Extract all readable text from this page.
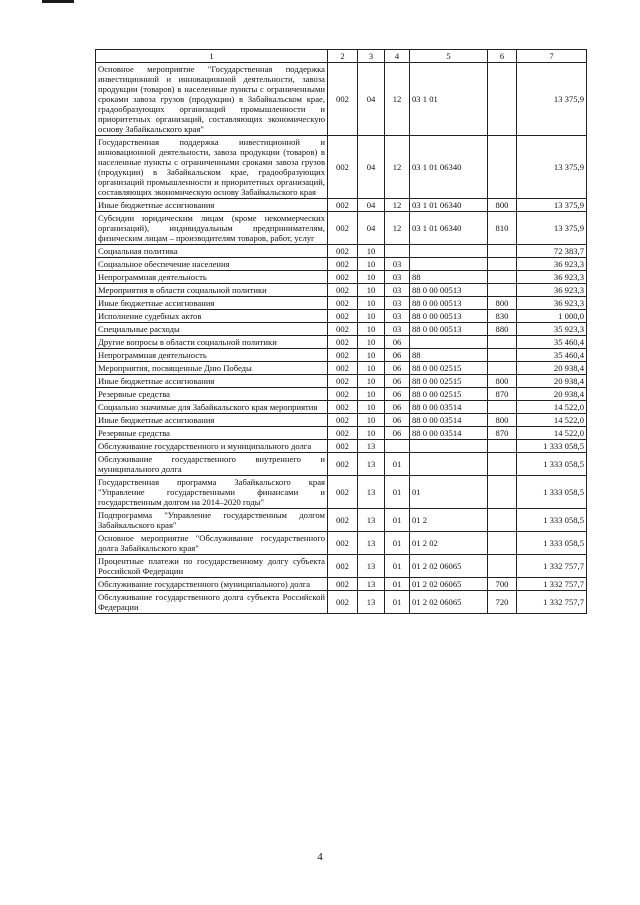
1	2	3	4	5	6	7
Основное мероприятие "Государственная поддержка инвестиционной и инновационной деятельности, завоза продукции (товаров) в населенные пункты с ограниченными сроками завоза грузов (продукции) в Забайкальском крае, градообразующих организаций промышленности и приоритетных организаций, составляющих экономическую основу Забайкальского края"	002	04	12	03 1 01		13 375,9
Государственная поддержка инвестиционной и инновационной деятельности, завоза продукции (товаров) в населенные пункты с ограниченными сроками завоза грузов (продукции) в Забайкальском крае, градообразующих организаций промышленности и приоритетных организаций, составляющих экономическую основу Забайкальского края	002	04	12	03 1 01 06340		13 375,9
Иные бюджетные ассигнования	002	04	12	03 1 01 06340	800	13 375,9
Субсидии юридическим лицам (кроме некоммерческих организаций), индивидуальным предпринимателям, физическим лицам – производителям товаров, работ, услуг	002	04	12	03 1 01 06340	810	13 375,9
Социальная политика	002	10				72 383,7
Социальное обеспечение населения	002	10	03			36 923,3
Непрограммная деятельность	002	10	03	88		36 923,3
Мероприятия в области социальной политики	002	10	03	88 0 00 00513		36 923,3
Иные бюджетные ассигнования	002	10	03	88 0 00 00513	800	36 923,3
Исполнение судебных актов	002	10	03	88 0 00 00513	830	1 000,0
Специальные расходы	002	10	03	88 0 00 00513	880	35 923,3
Другие вопросы в области социальной политики	002	10	06			35 460,4
Непрограммная деятельность	002	10	06	88		35 460,4
Мероприятия, посвященные Дню Победы	002	10	06	88 0 00 02515		20 938,4
Иные бюджетные ассигнования	002	10	06	88 0 00 02515	800	20 938,4
Резервные средства	002	10	06	88 0 00 02515	870	20 938,4
Социально значимые для Забайкальского края мероприятия	002	10	06	88 0 00 03514		14 522,0
Иные бюджетные ассигнования	002	10	06	88 0 00 03514	800	14 522,0
Резервные средства	002	10	06	88 0 00 03514	870	14 522,0
Обслуживание государственного и муниципального долга	002	13				1 333 058,5
Обслуживание государственного внутреннего и муниципального долга	002	13	01			1 333 058,5
Государственная программа Забайкальского края "Управление государственными финансами и государственным долгом на 2014–2020 годы"	002	13	01	01		1 333 058,5
Подпрограмма "Управление государственным долгом Забайкальского края"	002	13	01	01 2		1 333 058,5
Основное мероприятие "Обслуживание государственного долга Забайкальского края"	002	13	01	01 2 02		1 333 058,5
Процентные платежи по государственному долгу субъекта Российской Федерации	002	13	01	01 2 02 06065		1 332 757,7
Обслуживание государственного (муниципального) долга	002	13	01	01 2 02 06065	700	1 332 757,7
Обслуживание государственного долга субъекта Российской Федерации	002	13	01	01 2 02 06065	720	1 332 757,7
4
